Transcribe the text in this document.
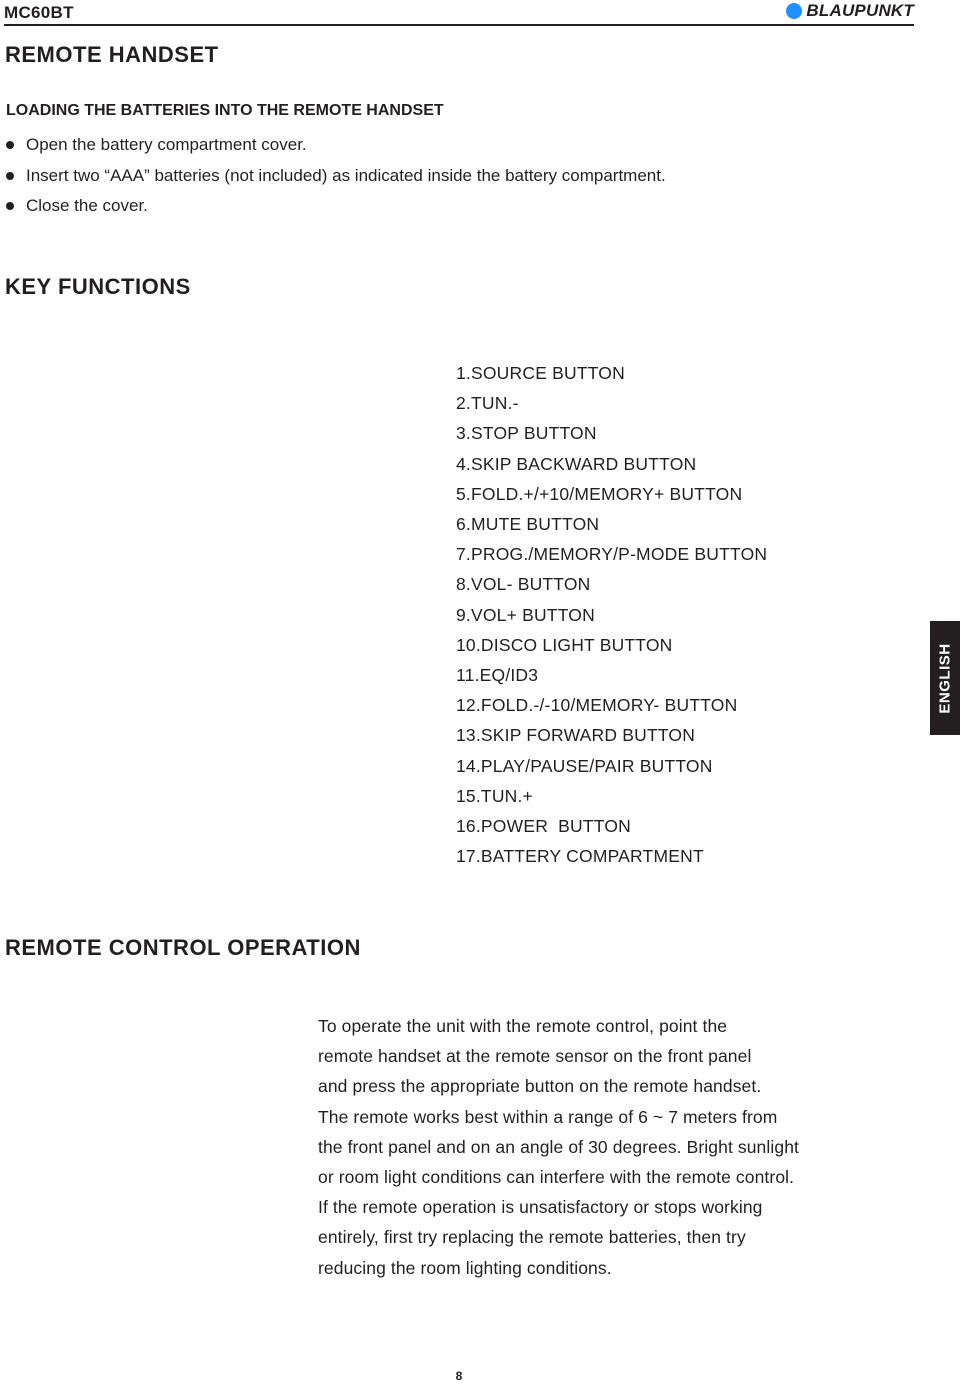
MC60BT	BLAUPUNKT
REMOTE HANDSET
LOADING THE BATTERIES INTO THE REMOTE HANDSET
Open the battery compartment cover.
Insert two “AAA” batteries (not included) as indicated inside the battery compartment.
Close the cover.
KEY FUNCTIONS
1.SOURCE BUTTON
2.TUN.-
3.STOP BUTTON
4.SKIP BACKWARD BUTTON
5.FOLD.+/+10/MEMORY+ BUTTON
6.MUTE BUTTON
7.PROG./MEMORY/P-MODE BUTTON
8.VOL- BUTTON
9.VOL+ BUTTON
10.DISCO LIGHT BUTTON
11.EQ/ID3
12.FOLD.-/-10/MEMORY- BUTTON
13.SKIP FORWARD BUTTON
14.PLAY/PAUSE/PAIR BUTTON
15.TUN.+
16.POWER  BUTTON
17.BATTERY COMPARTMENT
ENGLISH
REMOTE CONTROL OPERATION
To operate the unit with the remote control, point the
remote handset at the remote sensor on the front panel
and press the appropriate button on the remote handset.
The remote works best within a range of 6 ~ 7 meters from
the front panel and on an angle of 30 degrees. Bright sunlight
or room light conditions can interfere with the remote control.
If the remote operation is unsatisfactory or stops working
entirely, first try replacing the remote batteries, then try
reducing the room lighting conditions.
8
